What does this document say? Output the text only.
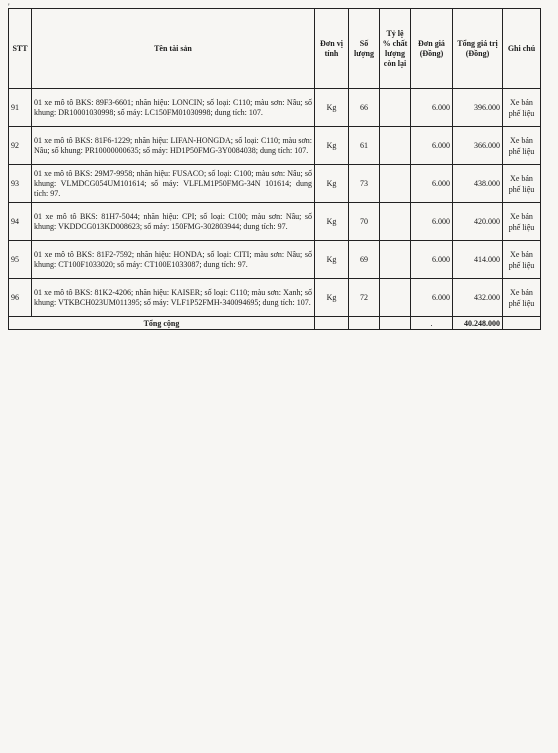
'
STT	Tên tài sản	Đơn vị tính	Số lượng	Tỷ lệ % chất lượng còn lại	Đơn giá (Đồng)	Tổng giá trị (Đồng)	Ghi chú
91	01 xe mô tô BKS: 89F3-6601; nhãn hiệu: LONCIN; số loại: C110; màu sơn: Nâu; số khung: DR10001030998; số máy: LC150FM01030998; dung tích: 107.	Kg	66		6.000	396.000	Xe bán phế liệu
92	01 xe mô tô BKS: 81F6-1229; nhãn hiệu: LIFAN-HONGDA; số loại: C110; màu sơn: Nâu; số khung: PR10000000635; số máy: HD1P50FMG-3Y0084038; dung tích: 107.	Kg	61		6.000	366.000	Xe bán phế liệu
93	01 xe mô tô BKS: 29M7-9958; nhãn hiệu: FUSACO; số loại: C100; màu sơn: Nâu; số khung: VLMDCG054UM101614; số máy: VLFLM1P50FMG-34N 101614; dung tích: 97.	Kg	73		6.000	438.000	Xe bán phế liệu
94	01 xe mô tô BKS: 81H7-5044; nhãn hiệu: CPI; số loại: C100; màu sơn: Nâu; số khung: VKDDCG013KD008623; số máy: 150FMG-302803944; dung tích: 97.	Kg	70		6.000	420.000	Xe bán phế liệu
95	01 xe mô tô BKS: 81F2-7592; nhãn hiệu: HONDA; số loại: CITI; màu sơn: Nâu; số khung: CT100F1033020; số máy: CT100E1033087; dung tích: 97.	Kg	69		6.000	414.000	Xe bán phế liệu
96	01 xe mô tô BKS: 81K2-4206; nhãn hiệu: KAISER; số loại: C110; màu sơn: Xanh; số khung: VTKBCH023UM011395; số máy: VLF1P52FMH-340094695; dung tích: 107.	Kg	72		6.000	432.000	Xe bán phế liệu
Tổng cộng					.	40.248.000	
